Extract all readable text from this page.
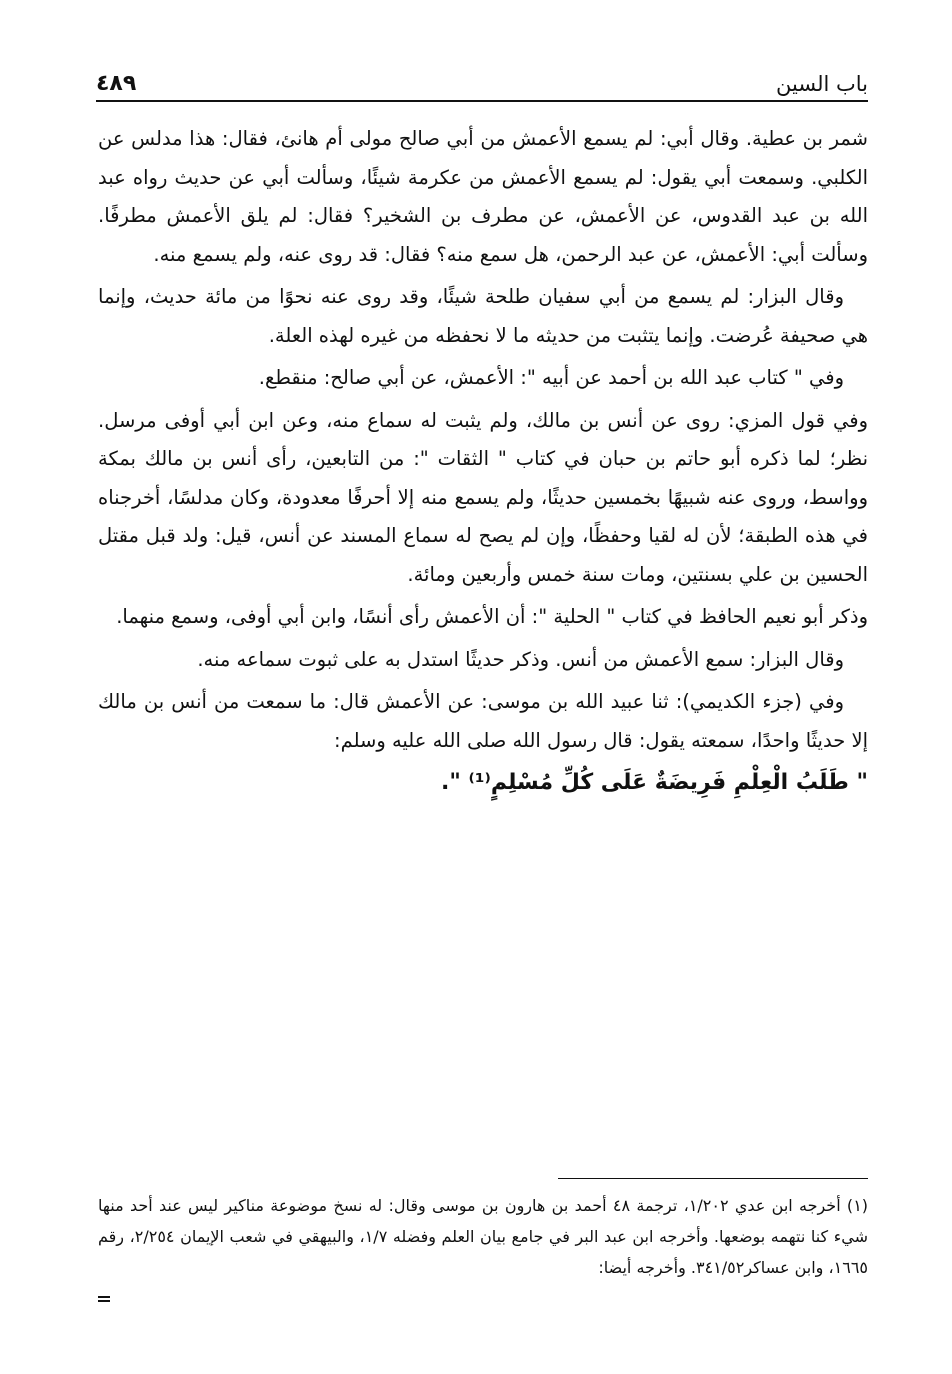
باب السين
٤٨٩

شمر بن عطية. وقال أبي: لم يسمع الأعمش من أبي صالح مولى أم هانئ، فقال: هذا مدلس عن الكلبي. وسمعت أبي يقول: لم يسمع الأعمش من عكرمة شيئًا، وسألت أبي عن حديث رواه عبد الله بن عبد القدوس، عن الأعمش، عن مطرف بن الشخير؟ فقال: لم يلق الأعمش مطرفًا. وسألت أبي: الأعمش، عن عبد الرحمن، هل سمع منه؟ فقال: قد روى عنه، ولم يسمع منه.

وقال البزار: لم يسمع من أبي سفيان طلحة شيئًا، وقد روى عنه نحوًا من مائة حديث، وإنما هي صحيفة عُرضت. وإنما يتثبت من حديثه ما لا نحفظه من غيره لهذه العلة.

وفي " كتاب عبد الله بن أحمد عن أبيه ": الأعمش، عن أبي صالح: منقطع.

وفي قول المزي: روى عن أنس بن مالك، ولم يثبت له سماع منه، وعن ابن أبي أوفى مرسل. نظر؛ لما ذكره أبو حاتم بن حبان في كتاب " الثقات ": من التابعين، رأى أنس بن مالك بمكة وواسط، وروى عنه شبيهًا بخمسين حديثًا، ولم يسمع منه إلا أحرفًا معدودة، وكان مدلسًا، أخرجناه في هذه الطبقة؛ لأن له لقيا وحفظًا، وإن لم يصح له سماع المسند عن أنس، قيل: ولد قبل مقتل الحسين بن علي بسنتين، ومات سنة خمس وأربعين ومائة.

وذكر أبو نعيم الحافظ في كتاب " الحلية ": أن الأعمش رأى أنسًا، وابن أبي أوفى، وسمع منهما.

وقال البزار: سمع الأعمش من أنس. وذكر حديثًا استدل به على ثبوت سماعه منه.

وفي (جزء الكديمي): ثنا عبيد الله بن موسى: عن الأعمش قال: ما سمعت من أنس بن مالك إلا حديثًا واحدًا، سمعته يقول: قال رسول الله صلى الله عليه وسلم:

" طَلَبُ الْعِلْمِ فَرِيضَةٌ عَلَى كُلِّ مُسْلِمٍ⁽¹⁾ ".

(١) أخرجه ابن عدي ١/٢٠٢، ترجمة ٤٨ أحمد بن هارون بن موسى وقال: له نسخ موضوعة مناكير ليس عند أحد منها شيء كنا نتهمه بوضعها. وأخرجه ابن عبد البر في جامع بيان العلم وفضله ١/٧، والبيهقي في شعب الإيمان ٢/٢٥٤، رقم ١٦٦٥، وابن عساكر٣٤١/٥٢. وأخرجه أيضا:
